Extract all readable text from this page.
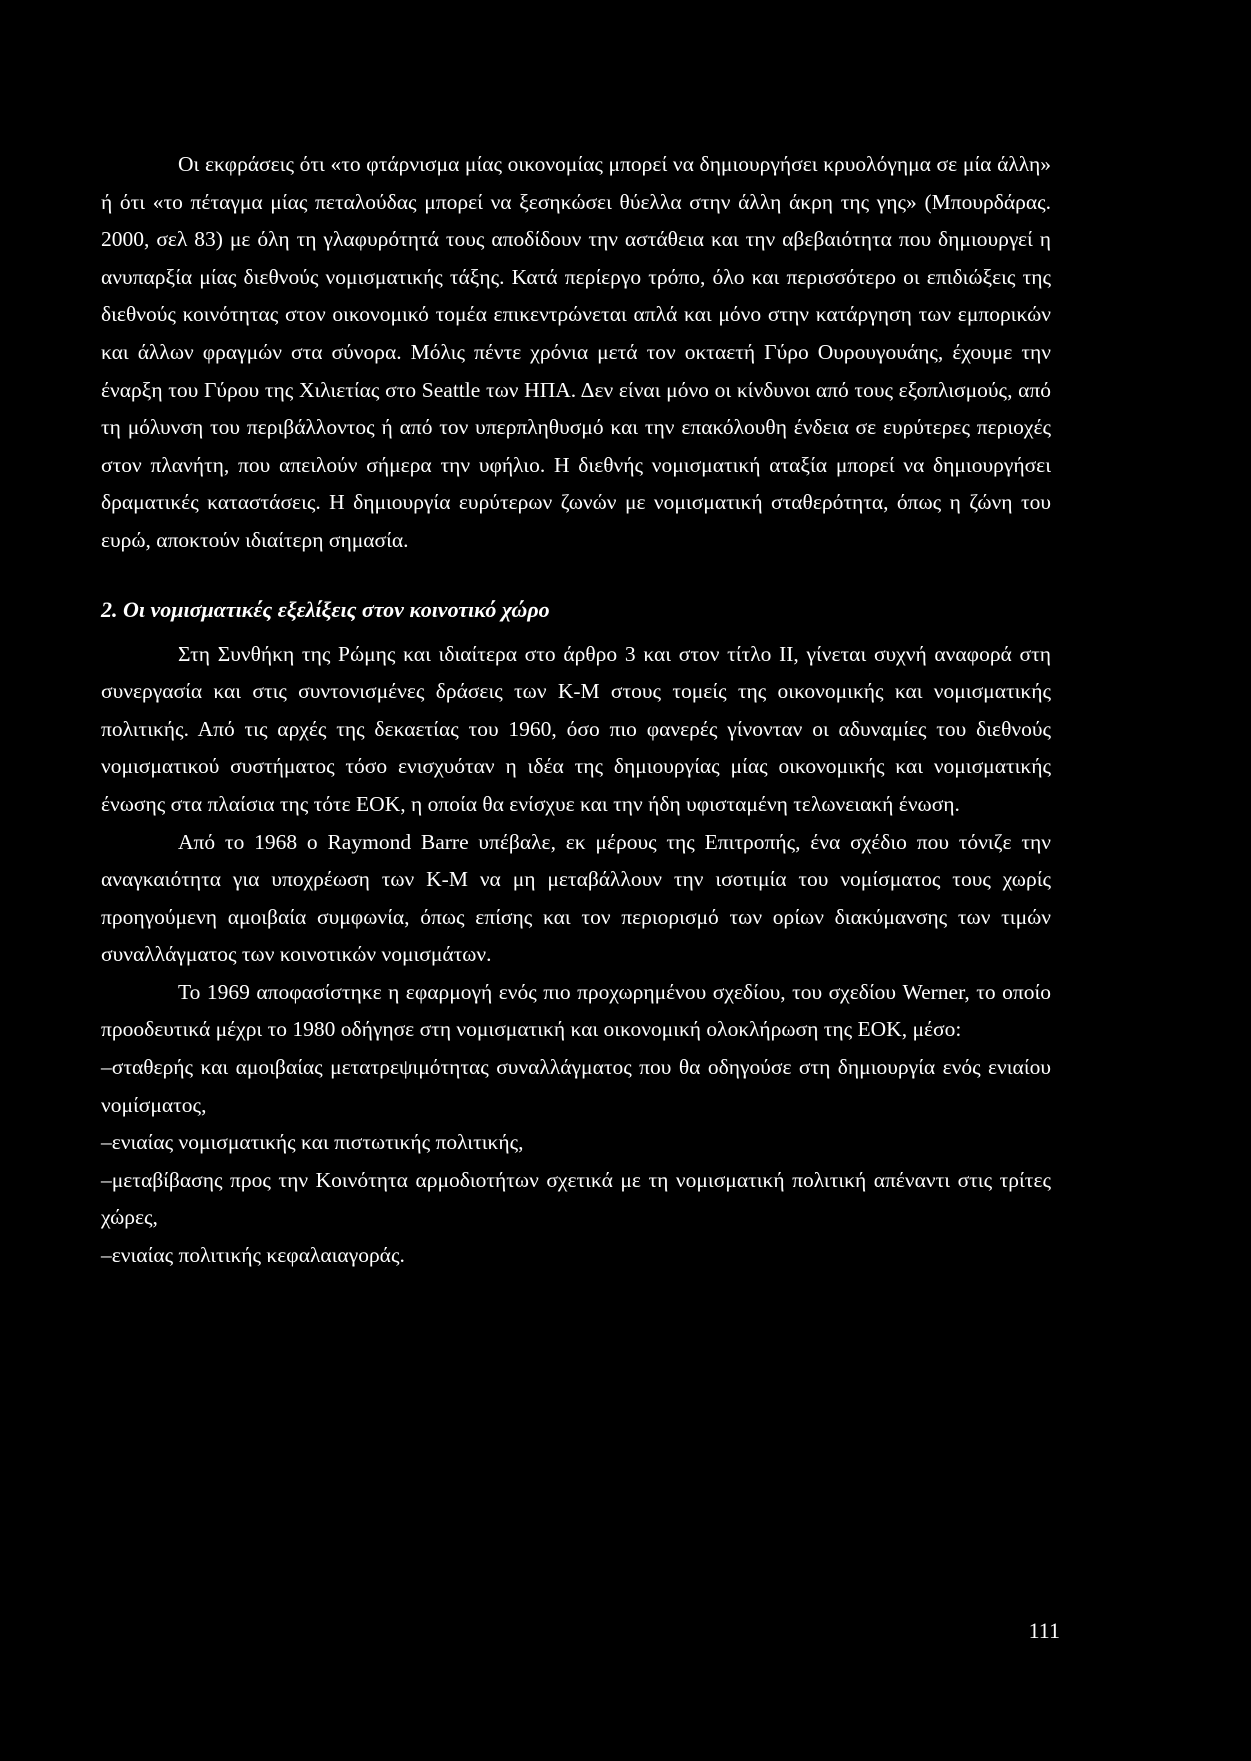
Οι εκφράσεις ότι «το φτάρνισμα μίας οικονομίας μπορεί να δημιουργήσει κρυολόγημα σε μία άλλη» ή ότι «το πέταγμα μίας πεταλούδας μπορεί να ξεσηκώσει θύελλα στην άλλη άκρη της γης» (Μπουρδάρας. 2000, σελ 83) με όλη τη γλαφυρότητά τους αποδίδουν την αστάθεια και την αβεβαιότητα που δημιουργεί η ανυπαρξία μίας διεθνούς νομισματικής τάξης. Κατά περίεργο τρόπο, όλο και περισσότερο οι επιδιώξεις της διεθνούς κοινότητας στον οικονομικό τομέα επικεντρώνεται απλά και μόνο στην κατάργηση των εμπορικών και άλλων φραγμών στα σύνορα. Μόλις πέντε χρόνια μετά τον οκταετή Γύρο Ουρουγουάης, έχουμε την έναρξη του Γύρου της Χιλιετίας στο Seattle των ΗΠΑ. Δεν είναι μόνο οι κίνδυνοι από τους εξοπλισμούς, από τη μόλυνση του περιβάλλοντος ή από τον υπερπληθυσμό και την επακόλουθη ένδεια σε ευρύτερες περιοχές στον πλανήτη, που απειλούν σήμερα την υφήλιο. Η διεθνής νομισματική αταξία μπορεί να δημιουργήσει δραματικές καταστάσεις. Η δημιουργία ευρύτερων ζωνών με νομισματική σταθερότητα, όπως η ζώνη του ευρώ, αποκτούν ιδιαίτερη σημασία.

2. Οι νομισματικές εξελίξεις στον κοινοτικό χώρο

Στη Συνθήκη της Ρώμης και ιδιαίτερα στο άρθρο 3 και στον τίτλο II, γίνεται συχνή αναφορά στη συνεργασία και στις συντονισμένες δράσεις των Κ-Μ στους τομείς της οικονομικής και νομισματικής πολιτικής. Από τις αρχές της δεκαετίας του 1960, όσο πιο φανερές γίνονταν οι αδυναμίες του διεθνούς νομισματικού συστήματος τόσο ενισχυόταν η ιδέα της δημιουργίας μίας οικονομικής και νομισματικής ένωσης στα πλαίσια της τότε ΕΟΚ, η οποία θα ενίσχυε και την ήδη υφισταμένη τελωνειακή ένωση.

Από το 1968 ο Raymond Barre υπέβαλε, εκ μέρους της Επιτροπής, ένα σχέδιο που τόνιζε την αναγκαιότητα για υποχρέωση των Κ-Μ να μη μεταβάλλουν την ισοτιμία του νομίσματος τους χωρίς προηγούμενη αμοιβαία συμφωνία, όπως επίσης και τον περιορισμό των ορίων διακύμανσης των τιμών συναλλάγματος των κοινοτικών νομισμάτων.

Το 1969 αποφασίστηκε η εφαρμογή ενός πιο προχωρημένου σχεδίου, του σχεδίου Werner, το οποίο προοδευτικά μέχρι το 1980 οδήγησε στη νομισματική και οικονομική ολοκλήρωση της ΕΟΚ, μέσο:

–σταθερής και αμοιβαίας μετατρεψιμότητας συναλλάγματος που θα οδηγούσε στη δημιουργία ενός ενιαίου νομίσματος,

–ενιαίας νομισματικής και πιστωτικής πολιτικής,

–μεταβίβασης προς την Κοινότητα αρμοδιοτήτων σχετικά με τη νομισματική πολιτική απέναντι στις τρίτες χώρες,

–ενιαίας πολιτικής κεφαλαιαγοράς.

111
